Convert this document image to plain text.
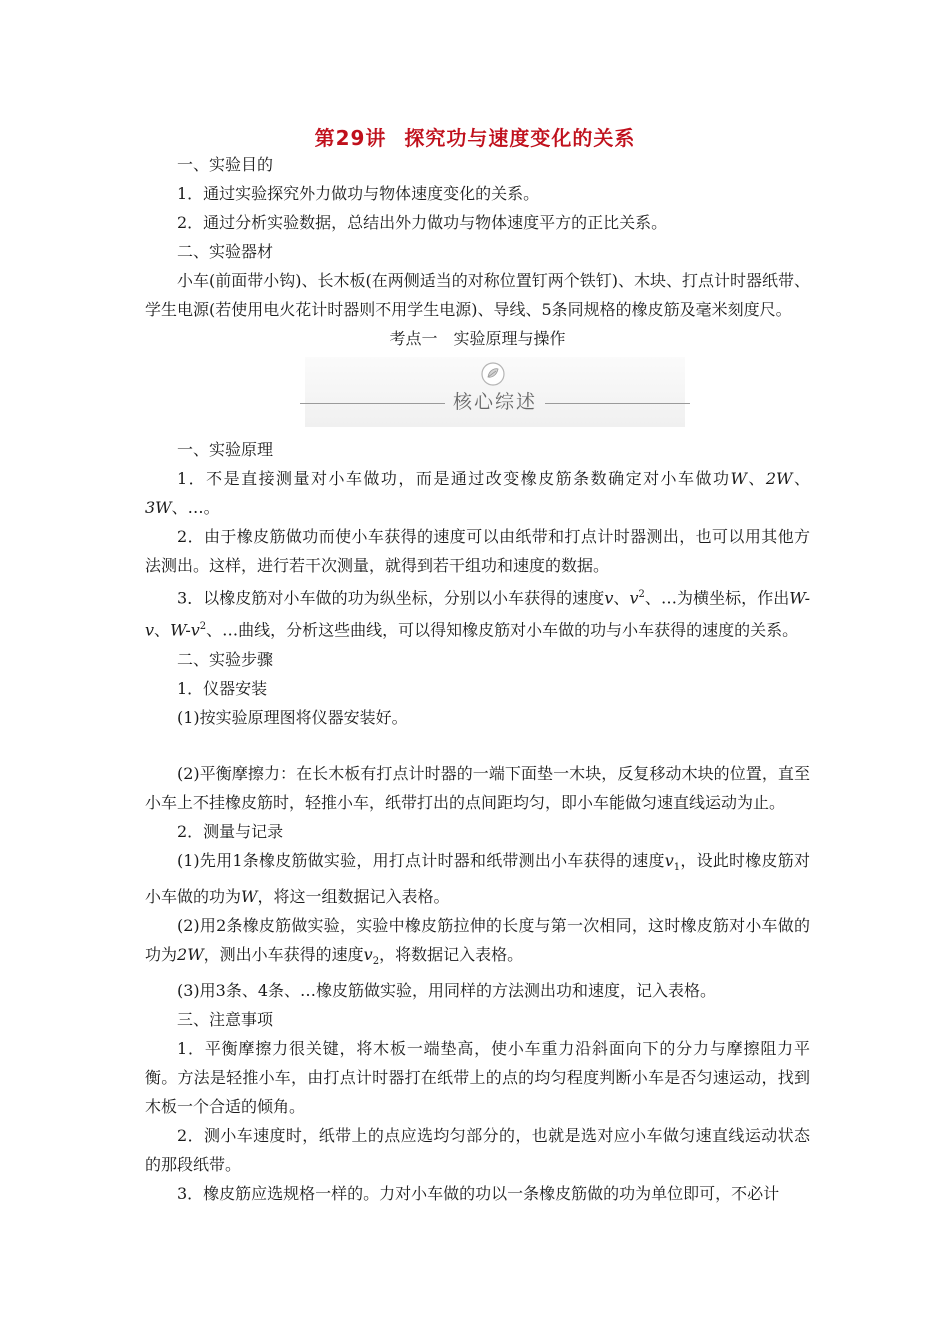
第29讲 探究功与速度变化的关系

一、实验目的

1．通过实验探究外力做功与物体速度变化的关系。

2．通过分析实验数据，总结出外力做功与物体速度平方的正比关系。

二、实验器材

小车(前面带小钩)、长木板(在两侧适当的对称位置钉两个铁钉)、木块、打点计时器纸带、学生电源(若使用电火花计时器则不用学生电源)、导线、5条同规格的橡皮筋及毫米刻度尺。

考点一　实验原理与操作

核心综述

一、实验原理

1．不是直接测量对小车做功，而是通过改变橡皮筋条数确定对小车做功W、2W、3W、…。

2．由于橡皮筋做功而使小车获得的速度可以由纸带和打点计时器测出，也可以用其他方法测出。这样，进行若干次测量，就得到若干组功和速度的数据。

3．以橡皮筋对小车做的功为纵坐标，分别以小车获得的速度v、$v^2$、…为横坐标，作出W-v、$W-v^2$、…曲线，分析这些曲线，可以得知橡皮筋对小车做的功与小车获得的速度的关系。

二、实验步骤

1．仪器安装

(1)按实验原理图将仪器安装好。

(2)平衡摩擦力：在长木板有打点计时器的一端下面垫一木块，反复移动木块的位置，直至小车上不挂橡皮筋时，轻推小车，纸带打出的点间距均匀，即小车能做匀速直线运动为止。

2．测量与记录

(1)先用1条橡皮筋做实验，用打点计时器和纸带测出小车获得的速度$v_1$，设此时橡皮筋对小车做的功为W，将这一组数据记入表格。

(2)用2条橡皮筋做实验，实验中橡皮筋拉伸的长度与第一次相同，这时橡皮筋对小车做的功为2W，测出小车获得的速度$v_2$，将数据记入表格。

(3)用3条、4条、…橡皮筋做实验，用同样的方法测出功和速度，记入表格。

三、注意事项

1．平衡摩擦力很关键，将木板一端垫高，使小车重力沿斜面向下的分力与摩擦阻力平衡。方法是轻推小车，由打点计时器打在纸带上的点的均匀程度判断小车是否匀速运动，找到木板一个合适的倾角。

2．测小车速度时，纸带上的点应选均匀部分的，也就是选对应小车做匀速直线运动状态的那段纸带。

3．橡皮筋应选规格一样的。力对小车做的功以一条橡皮筋做的功为单位即可，不必计
